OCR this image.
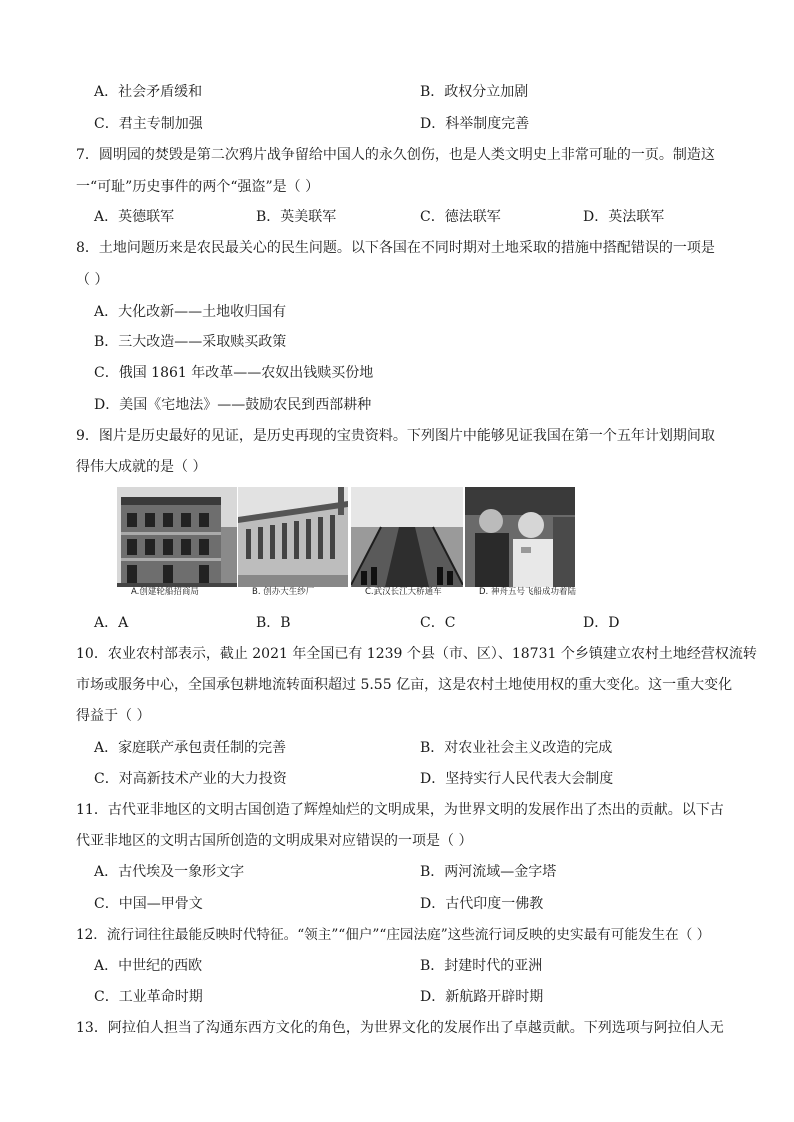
A．社会矛盾缓和	B．政权分立加剧
C．君主专制加强	D．科举制度完善
7．圆明园的焚毁是第二次鸦片战争留给中国人的永久创伤，也是人类文明史上非常可耻的一页。制造这
一“可耻”历史事件的两个“强盗”是（ ）
A．英德联军	B．英美联军	C．德法联军	D．英法联军
8．土地问题历来是农民最关心的民生问题。以下各国在不同时期对土地采取的措施中搭配错误的一项是
（ ）
A．大化改新——土地收归国有
B．三大改造——采取赎买政策
C．俄国 1861 年改革——农奴出钱赎买份地
D．美国《宅地法》——鼓励农民到西部耕种
9．图片是历史最好的见证，是历史再现的宝贵资料。下列图片中能够见证我国在第一个五年计划期间取
得伟大成就的是（ ）
A.创建轮船招商局	B. 创办大生纱厂	C.武汉长江大桥通车	D. 神舟五号飞船成功着陆
A．A	B．B	C．C	D．D
10．农业农村部表示，截止 2021 年全国已有 1239 个县（市、区）、18731 个乡镇建立农村土地经营权流转
市场或服务中心，全国承包耕地流转面积超过 5.55 亿亩，这是农村土地使用权的重大变化。这一重大变化
得益于（ ）
A．家庭联产承包责任制的完善	B．对农业社会主义改造的完成
C．对高新技术产业的大力投资	D．坚持实行人民代表大会制度
11．古代亚非地区的文明古国创造了辉煌灿烂的文明成果，为世界文明的发展作出了杰出的贡献。以下古
代亚非地区的文明古国所创造的文明成果对应错误的一项是（ ）
A．古代埃及一象形文字	B．两河流域—金字塔
C．中国—甲骨文	D．古代印度一佛教
12．流行词往往最能反映时代特征。“领主”“佃户”“庄园法庭”这些流行词反映的史实最有可能发生在（ ）
A．中世纪的西欧	B．封建时代的亚洲
C．工业革命时期	D．新航路开辟时期
13．阿拉伯人担当了沟通东西方文化的角色，为世界文化的发展作出了卓越贡献。下列选项与阿拉伯人无
